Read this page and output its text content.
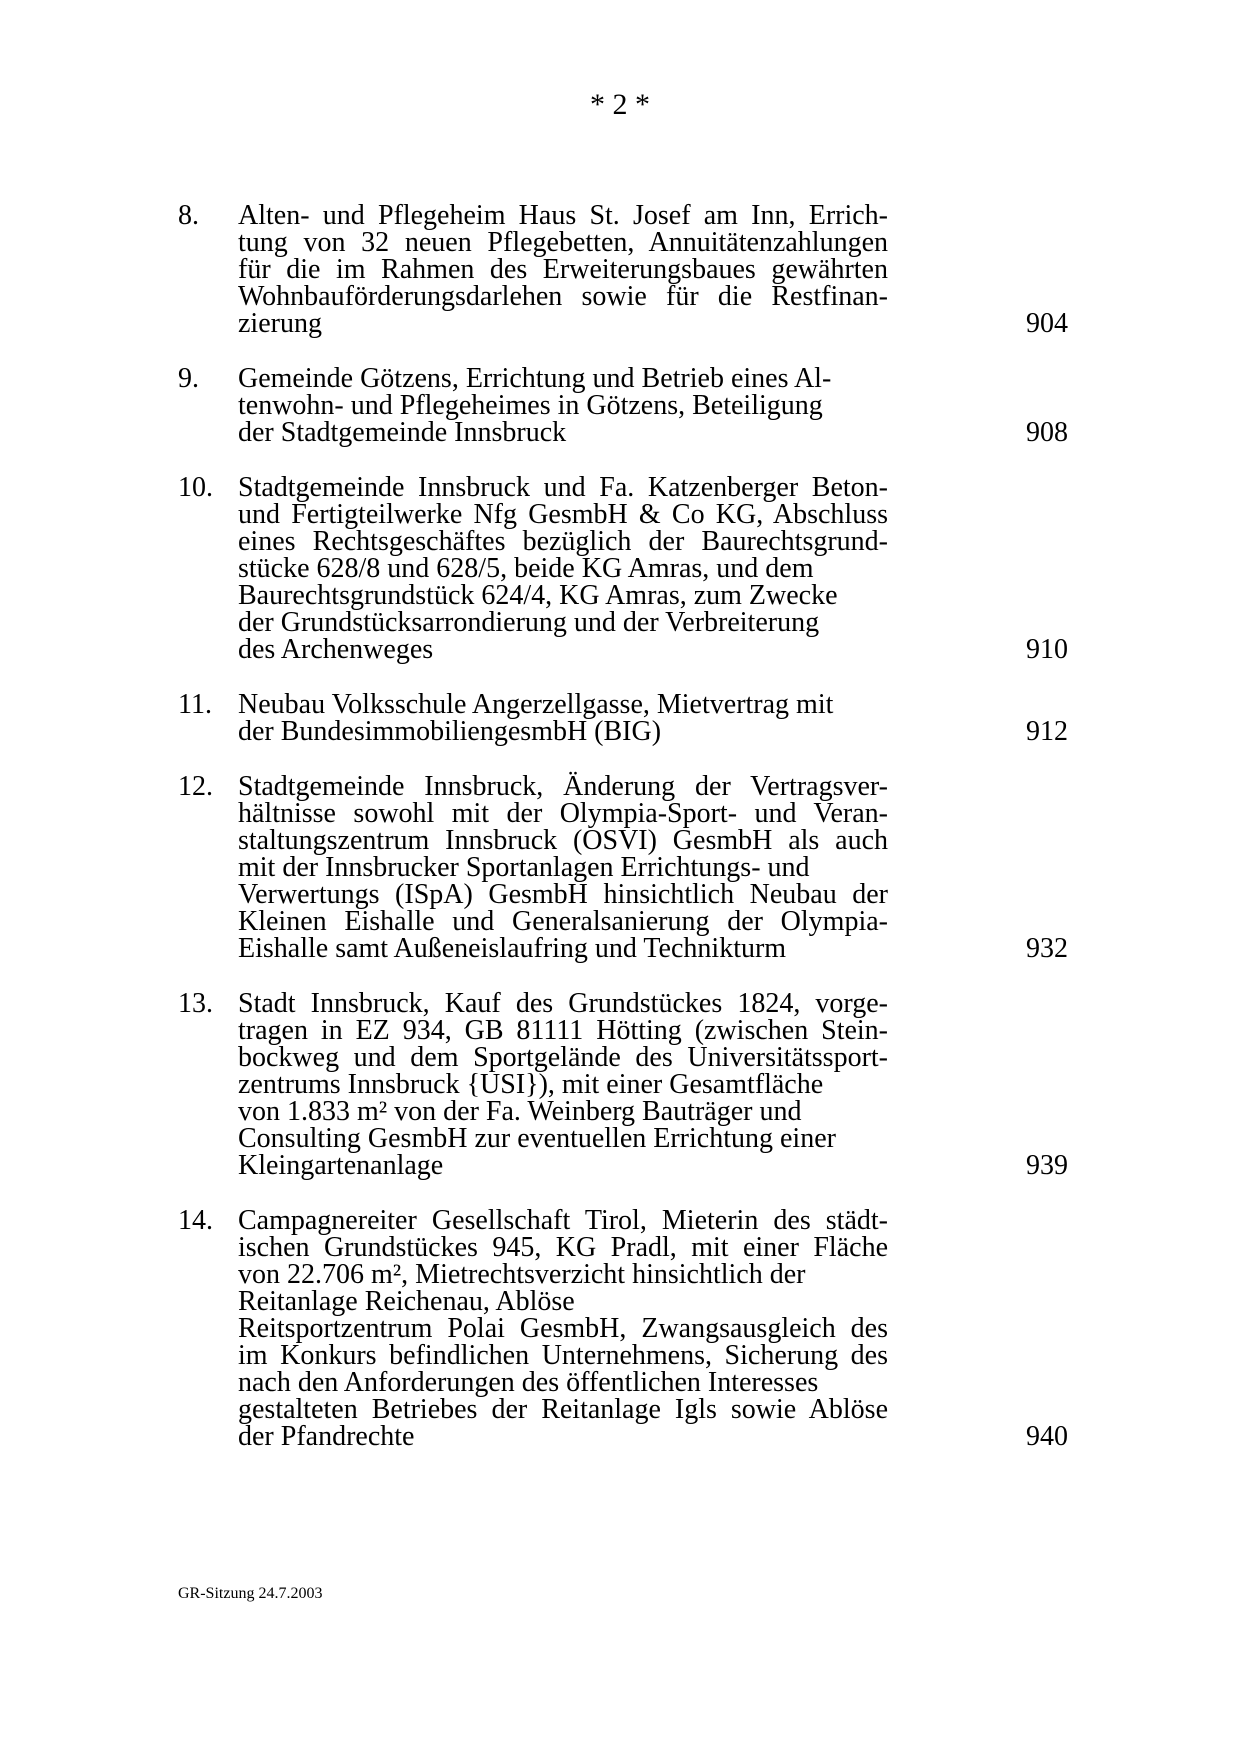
* 2 *
8.	Alten- und Pflegeheim Haus St. Josef am Inn, Errich-
tung von 32 neuen Pflegebetten, Annuitätenzahlungen
für die im Rahmen des Erweiterungsbaues gewährten
Wohnbauförderungsdarlehen sowie für die Restfinan-
zierung	904
9.	Gemeinde Götzens, Errichtung und Betrieb eines Al-
tenwohn- und Pflegeheimes in Götzens, Beteiligung
der Stadtgemeinde Innsbruck	908
10. Stadtgemeinde Innsbruck und Fa. Katzenberger Beton-
und Fertigteilwerke Nfg GesmbH & Co KG, Abschluss
eines Rechtsgeschäftes bezüglich der Baurechtsgrund-
stücke 628/8 und 628/5, beide KG Amras, und dem
Baurechtsgrundstück 624/4, KG Amras, zum Zwecke
der Grundstücksarrondierung und der Verbreiterung
des Archenweges	910
11. Neubau Volksschule Angerzellgasse, Mietvertrag mit
der BundesimmobiliengesmbH (BIG)	912
12. Stadtgemeinde Innsbruck, Änderung der Vertragsver-
hältnisse sowohl mit der Olympia-Sport- und Veran-
staltungszentrum Innsbruck (OSVI) GesmbH als auch
mit der Innsbrucker Sportanlagen Errichtungs- und
Verwertungs (ISpA) GesmbH hinsichtlich Neubau der
Kleinen Eishalle und Generalsanierung der Olympia-
Eishalle samt Außeneislaufring und Technikturm	932
13. Stadt Innsbruck, Kauf des Grundstückes 1824, vorge-
tragen in EZ 934, GB 81111 Hötting (zwischen Stein-
bockweg und dem Sportgelände des Universitätssport-
zentrums Innsbruck {USI}), mit einer Gesamtfläche
von 1.833 m² von der Fa. Weinberg Bauträger und
Consulting GesmbH zur eventuellen Errichtung einer
Kleingartenanlage	939
14. Campagnereiter Gesellschaft Tirol, Mieterin des städt-
ischen Grundstückes 945, KG Pradl, mit einer Fläche
von 22.706 m², Mietrechtsverzicht hinsichtlich der
Reitanlage Reichenau, Ablöse
Reitsportzentrum Polai GesmbH, Zwangsausgleich des
im Konkurs befindlichen Unternehmens, Sicherung des
nach den Anforderungen des öffentlichen Interesses
gestalteten Betriebes der Reitanlage Igls sowie Ablöse
der Pfandrechte	940
GR-Sitzung 24.7.2003
